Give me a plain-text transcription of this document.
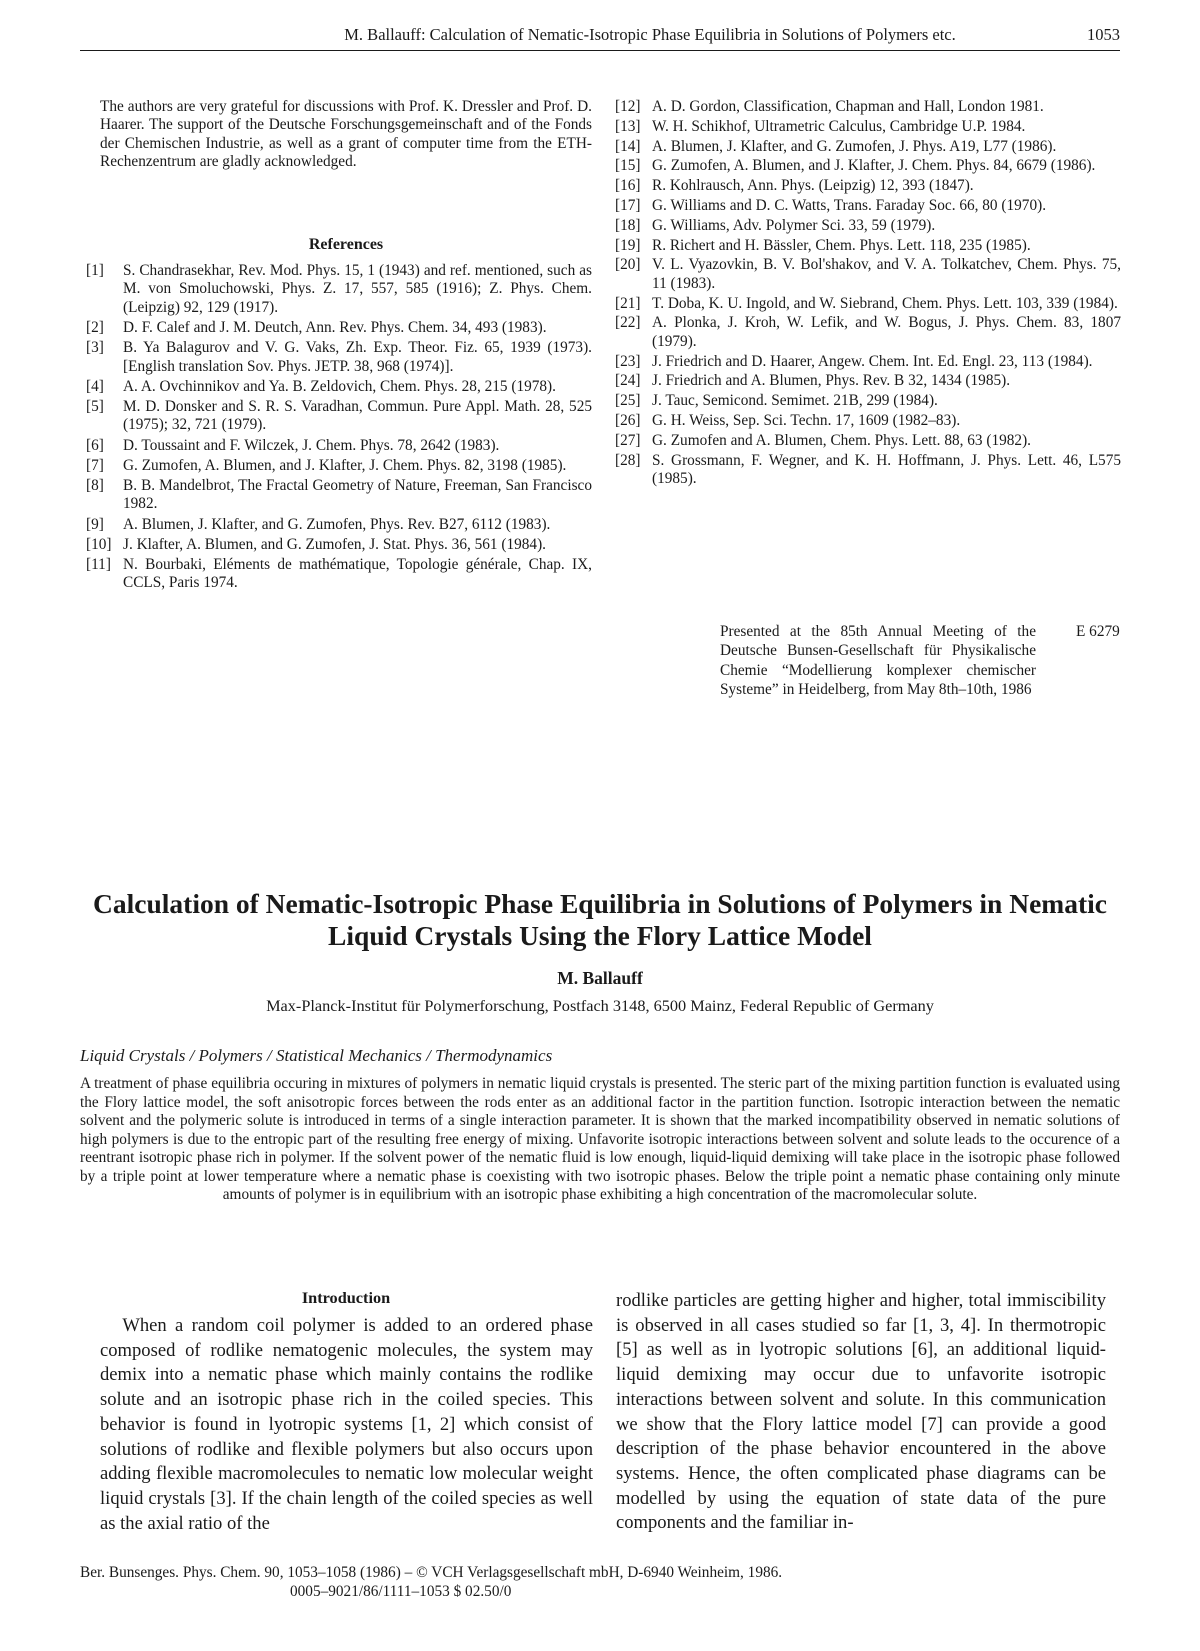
M. Ballauff: Calculation of Nematic-Isotropic Phase Equilibria in Solutions of Polymers etc.	1053

The authors are very grateful for discussions with Prof. K. Dressler and Prof. D. Haarer. The support of the Deutsche Forschungsgemeinschaft and of the Fonds der Chemischen Industrie, as well as a grant of computer time from the ETH-Rechenzentrum are gladly acknowledged.

References
[1] S. Chandrasekhar, Rev. Mod. Phys. 15, 1 (1943) and ref. mentioned, such as M. von Smoluchowski, Phys. Z. 17, 557, 585 (1916); Z. Phys. Chem. (Leipzig) 92, 129 (1917).
[2] D. F. Calef and J. M. Deutch, Ann. Rev. Phys. Chem. 34, 493 (1983).
[3] B. Ya Balagurov and V. G. Vaks, Zh. Exp. Theor. Fiz. 65, 1939 (1973). [English translation Sov. Phys. JETP. 38, 968 (1974)].
[4] A. A. Ovchinnikov and Ya. B. Zeldovich, Chem. Phys. 28, 215 (1978).
[5] M. D. Donsker and S. R. S. Varadhan, Commun. Pure Appl. Math. 28, 525 (1975); 32, 721 (1979).
[6] D. Toussaint and F. Wilczek, J. Chem. Phys. 78, 2642 (1983).
[7] G. Zumofen, A. Blumen, and J. Klafter, J. Chem. Phys. 82, 3198 (1985).
[8] B. B. Mandelbrot, The Fractal Geometry of Nature, Freeman, San Francisco 1982.
[9] A. Blumen, J. Klafter, and G. Zumofen, Phys. Rev. B27, 6112 (1983).
[10] J. Klafter, A. Blumen, and G. Zumofen, J. Stat. Phys. 36, 561 (1984).
[11] N. Bourbaki, Eléments de mathématique, Topologie générale, Chap. IX, CCLS, Paris 1974.
[12] A. D. Gordon, Classification, Chapman and Hall, London 1981.
[13] W. H. Schikhof, Ultrametric Calculus, Cambridge U.P. 1984.
[14] A. Blumen, J. Klafter, and G. Zumofen, J. Phys. A19, L77 (1986).
[15] G. Zumofen, A. Blumen, and J. Klafter, J. Chem. Phys. 84, 6679 (1986).
[16] R. Kohlrausch, Ann. Phys. (Leipzig) 12, 393 (1847).
[17] G. Williams and D. C. Watts, Trans. Faraday Soc. 66, 80 (1970).
[18] G. Williams, Adv. Polymer Sci. 33, 59 (1979).
[19] R. Richert and H. Bässler, Chem. Phys. Lett. 118, 235 (1985).
[20] V. L. Vyazovkin, B. V. Bol'shakov, and V. A. Tolkatchev, Chem. Phys. 75, 11 (1983).
[21] T. Doba, K. U. Ingold, and W. Siebrand, Chem. Phys. Lett. 103, 339 (1984).
[22] A. Plonka, J. Kroh, W. Lefik, and W. Bogus, J. Phys. Chem. 83, 1807 (1979).
[23] J. Friedrich and D. Haarer, Angew. Chem. Int. Ed. Engl. 23, 113 (1984).
[24] J. Friedrich and A. Blumen, Phys. Rev. B 32, 1434 (1985).
[25] J. Tauc, Semicond. Semimet. 21B, 299 (1984).
[26] G. H. Weiss, Sep. Sci. Techn. 17, 1609 (1982–83).
[27] G. Zumofen and A. Blumen, Chem. Phys. Lett. 88, 63 (1982).
[28] S. Grossmann, F. Wegner, and K. H. Hoffmann, J. Phys. Lett. 46, L575 (1985).
Presented at the 85th Annual Meeting of the Deutsche Bunsen-Gesellschaft für Physikalische Chemie “Modellierung komplexer chemischer Systeme” in Heidelberg, from May 8th–10th, 1986
E 6279
Calculation of Nematic-Isotropic Phase Equilibria in Solutions of Polymers in Nematic Liquid Crystals Using the Flory Lattice Model
M. Ballauff
Max-Planck-Institut für Polymerforschung, Postfach 3148, 6500 Mainz, Federal Republic of Germany
Liquid Crystals / Polymers / Statistical Mechanics / Thermodynamics

A treatment of phase equilibria occuring in mixtures of polymers in nematic liquid crystals is presented. The steric part of the mixing partition function is evaluated using the Flory lattice model, the soft anisotropic forces between the rods enter as an additional factor in the partition function. Isotropic interaction between the nematic solvent and the polymeric solute is introduced in terms of a single interaction parameter. It is shown that the marked incompatibility observed in nematic solutions of high polymers is due to the entropic part of the resulting free energy of mixing. Unfavorite isotropic interactions between solvent and solute leads to the occurence of a reentrant isotropic phase rich in polymer. If the solvent power of the nematic fluid is low enough, liquid-liquid demixing will take place in the isotropic phase followed by a triple point at lower temperature where a nematic phase is coexisting with two isotropic phases. Below the triple point a nematic phase containing only minute amounts of polymer is in equilibrium with an isotropic phase exhibiting a high concentration of the macromolecular solute.

Introduction

When a random coil polymer is added to an ordered phase composed of rodlike nematogenic molecules, the system may demix into a nematic phase which mainly contains the rodlike solute and an isotropic phase rich in the coiled species. This behavior is found in lyotropic systems [1, 2] which consist of solutions of rodlike and flexible polymers but also occurs upon adding flexible macromolecules to nematic low molecular weight liquid crystals [3]. If the chain length of the coiled species as well as the axial ratio of the

rodlike particles are getting higher and higher, total immiscibility is observed in all cases studied so far [1, 3, 4]. In thermotropic [5] as well as in lyotropic solutions [6], an additional liquid-liquid demixing may occur due to unfavorite isotropic interactions between solvent and solute. In this communication we show that the Flory lattice model [7] can provide a good description of the phase behavior encountered in the above systems. Hence, the often complicated phase diagrams can be modelled by using the equation of state data of the pure components and the familiar in-

Ber. Bunsenges. Phys. Chem. 90, 1053–1058 (1986) – © VCH Verlagsgesellschaft mbH, D-6940 Weinheim, 1986.
0005–9021/86/1111–1053 $ 02.50/0
